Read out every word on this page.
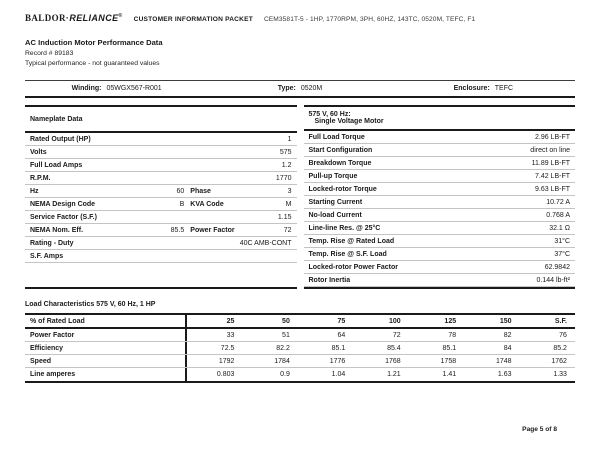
BALDOR·RELIANCE® CUSTOMER INFORMATION PACKET CEM3581T-5 - 1HP, 1770RPM, 3PH, 60HZ, 143TC, 0520M, TEFC, F1
AC Induction Motor Performance Data
Record # 89183
Typical performance - not guaranteed values
Winding: 05WGX567-R001	Type: 0520M	Enclosure: TEFC
Nameplate Data
Rated Output (HP)	1
Volts	575
Full Load Amps	1.2
R.P.M.	1770
Hz	60 Phase	3
NEMA Design Code	B KVA Code	M
Service Factor (S.F.)	1.15
NEMA Nom. Eff.	85.5 Power Factor	72
Rating - Duty	40C AMB-CONT
S.F. Amps
575 V, 60 Hz:
Single Voltage Motor
Full Load Torque	2.96 LB-FT
Start Configuration	direct on line
Breakdown Torque	11.89 LB-FT
Pull-up Torque	7.42 LB-FT
Locked-rotor Torque	9.63 LB-FT
Starting Current	10.72 A
No-load Current	0.768 A
Line-line Res. @ 25°C	32.1 Ω
Temp. Rise @ Rated Load	31°C
Temp. Rise @ S.F. Load	37°C
Locked-rotor Power Factor	62.9842
Rotor Inertia	0.144 lb-ft²
Load Characteristics 575 V, 60 Hz, 1 HP
% of Rated Load	25	50	75	100	125	150	S.F.
Power Factor	33	51	64	72	78	82	76
Efficiency	72.5	82.2	85.1	85.4	85.1	84	85.2
Speed	1792	1784	1776	1768	1758	1748	1762
Line amperes	0.803	0.9	1.04	1.21	1.41	1.63	1.33
Page 5 of 8
